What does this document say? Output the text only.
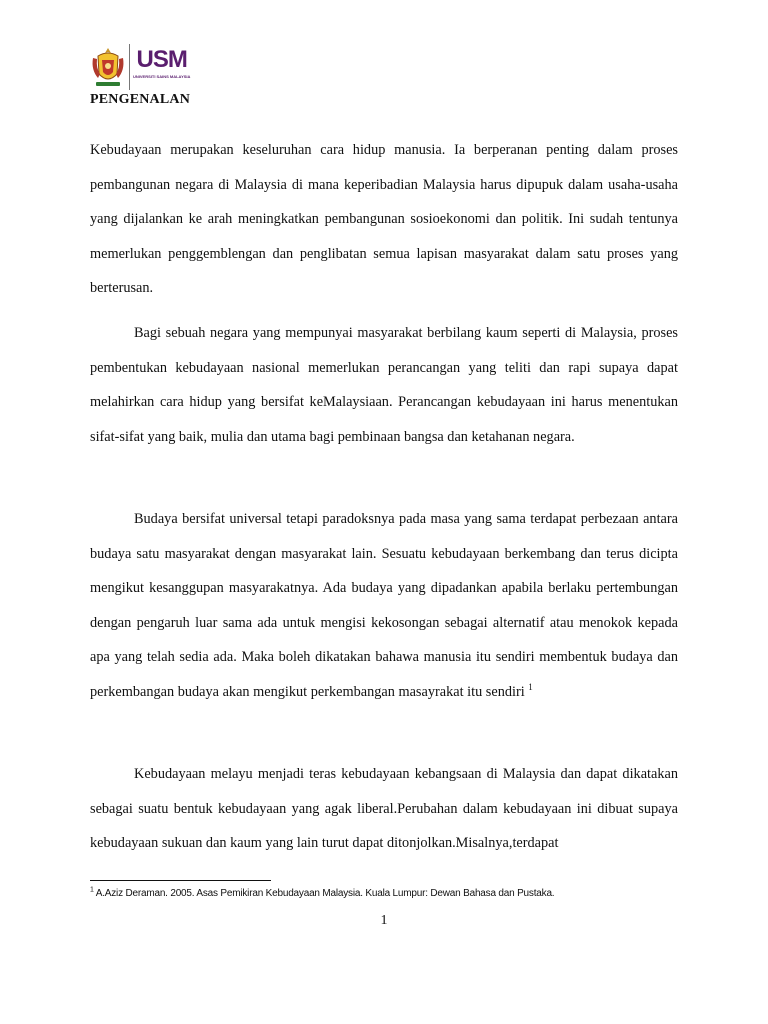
USM
UNIVERSITI SAINS MALAYSIA
PENGENALAN

Kebudayaan merupakan keseluruhan cara hidup manusia. Ia berperanan penting dalam proses pembangunan negara di Malaysia di mana keperibadian Malaysia harus dipupuk dalam usaha-usaha yang dijalankan ke arah meningkatkan pembangunan sosioekonomi dan politik. Ini sudah tentunya memerlukan penggemblengan dan penglibatan semua lapisan masyarakat dalam satu proses yang berterusan.

Bagi sebuah negara yang mempunyai masyarakat berbilang kaum seperti di Malaysia, proses pembentukan kebudayaan nasional memerlukan perancangan yang teliti dan rapi supaya dapat melahirkan cara hidup yang bersifat keMalaysiaan. Perancangan kebudayaan ini harus menentukan sifat-sifat yang baik, mulia dan utama bagi pembinaan bangsa dan ketahanan negara.

Budaya bersifat universal tetapi paradoksnya pada masa yang sama terdapat perbezaan antara budaya satu masyarakat dengan masyarakat lain. Sesuatu kebudayaan berkembang dan terus dicipta mengikut kesanggupan masyarakatnya. Ada budaya yang dipadankan apabila berlaku pertembungan dengan pengaruh luar sama ada untuk mengisi kekosongan sebagai alternatif atau menokok kepada apa yang telah sedia ada. Maka boleh dikatakan bahawa manusia itu sendiri membentuk budaya dan perkembangan budaya akan mengikut perkembangan masayrakat itu sendiri $^1$

Kebudayaan melayu menjadi teras kebudayaan kebangsaan di Malaysia dan dapat dikatakan sebagai suatu bentuk kebudayaan yang agak liberal.Perubahan dalam kebudayaan ini dibuat supaya kebudayaan sukuan dan kaum yang lain turut dapat ditonjolkan.Misalnya,terdapat

$^1$ A.Aziz Deraman. 2005. Asas Pemikiran Kebudayaan Malaysia. Kuala Lumpur: Dewan Bahasa dan Pustaka.
1
